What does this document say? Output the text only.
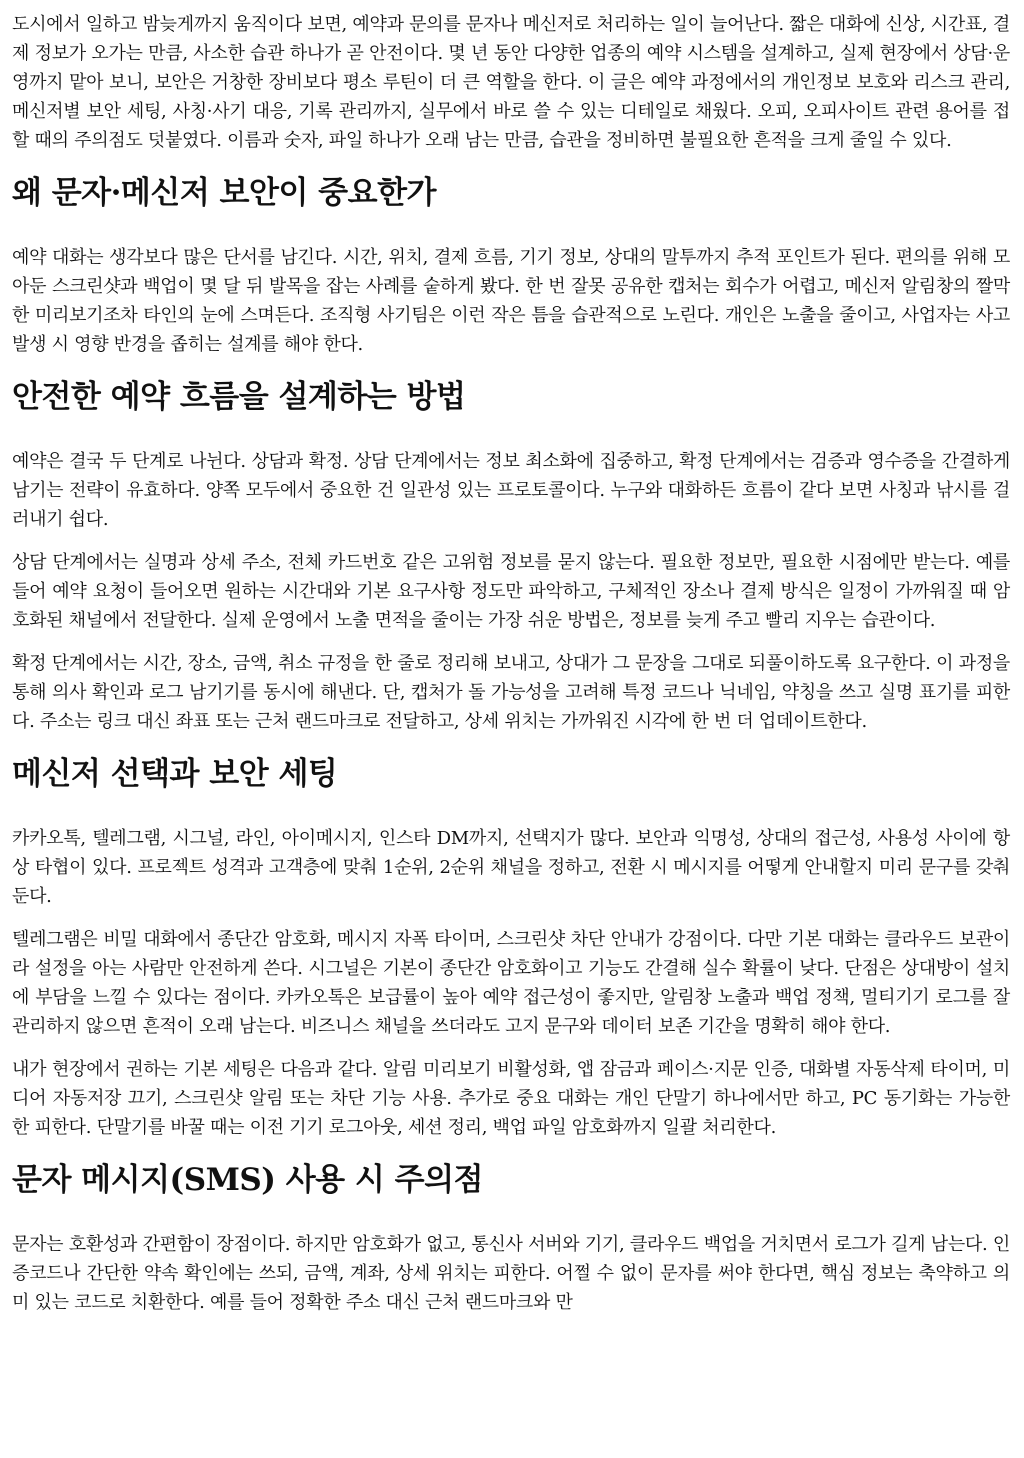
도시에서 일하고 밤늦게까지 움직이다 보면, 예약과 문의를 문자나 메신저로 처리하는 일이 늘어난다. 짧은 대화에 신상, 시간표, 결제 정보가 오가는 만큼, 사소한 습관 하나가 곧 안전이다. 몇 년 동안 다양한 업종의 예약 시스템을 설계하고, 실제 현장에서 상담·운영까지 맡아 보니, 보안은 거창한 장비보다 평소 루틴이 더 큰 역할을 한다. 이 글은 예약 과정에서의 개인정보 보호와 리스크 관리, 메신저별 보안 세팅, 사칭·사기 대응, 기록 관리까지, 실무에서 바로 쓸 수 있는 디테일로 채웠다. 오피, 오피사이트 관련 용어를 접할 때의 주의점도 덧붙였다. 이름과 숫자, 파일 하나가 오래 남는 만큼, 습관을 정비하면 불필요한 흔적을 크게 줄일 수 있다.

왜 문자·메신저 보안이 중요한가

예약 대화는 생각보다 많은 단서를 남긴다. 시간, 위치, 결제 흐름, 기기 정보, 상대의 말투까지 추적 포인트가 된다. 편의를 위해 모아둔 스크린샷과 백업이 몇 달 뒤 발목을 잡는 사례를 숱하게 봤다. 한 번 잘못 공유한 캡처는 회수가 어렵고, 메신저 알림창의 짤막한 미리보기조차 타인의 눈에 스며든다. 조직형 사기팀은 이런 작은 틈을 습관적으로 노린다. 개인은 노출을 줄이고, 사업자는 사고 발생 시 영향 반경을 좁히는 설계를 해야 한다.

안전한 예약 흐름을 설계하는 방법

예약은 결국 두 단계로 나뉜다. 상담과 확정. 상담 단계에서는 정보 최소화에 집중하고, 확정 단계에서는 검증과 영수증을 간결하게 남기는 전략이 유효하다. 양쪽 모두에서 중요한 건 일관성 있는 프로토콜이다. 누구와 대화하든 흐름이 같다 보면 사칭과 낚시를 걸러내기 쉽다.

상담 단계에서는 실명과 상세 주소, 전체 카드번호 같은 고위험 정보를 묻지 않는다. 필요한 정보만, 필요한 시점에만 받는다. 예를 들어 예약 요청이 들어오면 원하는 시간대와 기본 요구사항 정도만 파악하고, 구체적인 장소나 결제 방식은 일정이 가까워질 때 암호화된 채널에서 전달한다. 실제 운영에서 노출 면적을 줄이는 가장 쉬운 방법은, 정보를 늦게 주고 빨리 지우는 습관이다.

확정 단계에서는 시간, 장소, 금액, 취소 규정을 한 줄로 정리해 보내고, 상대가 그 문장을 그대로 되풀이하도록 요구한다. 이 과정을 통해 의사 확인과 로그 남기기를 동시에 해낸다. 단, 캡처가 돌 가능성을 고려해 특정 코드나 닉네임, 약칭을 쓰고 실명 표기를 피한다. 주소는 링크 대신 좌표 또는 근처 랜드마크로 전달하고, 상세 위치는 가까워진 시각에 한 번 더 업데이트한다.

메신저 선택과 보안 세팅

카카오톡, 텔레그램, 시그널, 라인, 아이메시지, 인스타 DM까지, 선택지가 많다. 보안과 익명성, 상대의 접근성, 사용성 사이에 항상 타협이 있다. 프로젝트 성격과 고객층에 맞춰 1순위, 2순위 채널을 정하고, 전환 시 메시지를 어떻게 안내할지 미리 문구를 갖춰 둔다.

텔레그램은 비밀 대화에서 종단간 암호화, 메시지 자폭 타이머, 스크린샷 차단 안내가 강점이다. 다만 기본 대화는 클라우드 보관이라 설정을 아는 사람만 안전하게 쓴다. 시그널은 기본이 종단간 암호화이고 기능도 간결해 실수 확률이 낮다. 단점은 상대방이 설치에 부담을 느낄 수 있다는 점이다. 카카오톡은 보급률이 높아 예약 접근성이 좋지만, 알림창 노출과 백업 정책, 멀티기기 로그를 잘 관리하지 않으면 흔적이 오래 남는다. 비즈니스 채널을 쓰더라도 고지 문구와 데이터 보존 기간을 명확히 해야 한다.

내가 현장에서 권하는 기본 세팅은 다음과 같다. 알림 미리보기 비활성화, 앱 잠금과 페이스·지문 인증, 대화별 자동삭제 타이머, 미디어 자동저장 끄기, 스크린샷 알림 또는 차단 기능 사용. 추가로 중요 대화는 개인 단말기 하나에서만 하고, PC 동기화는 가능한 한 피한다. 단말기를 바꿀 때는 이전 기기 로그아웃, 세션 정리, 백업 파일 암호화까지 일괄 처리한다.

문자 메시지(SMS) 사용 시 주의점

문자는 호환성과 간편함이 장점이다. 하지만 암호화가 없고, 통신사 서버와 기기, 클라우드 백업을 거치면서 로그가 길게 남는다. 인증코드나 간단한 약속 확인에는 쓰되, 금액, 계좌, 상세 위치는 피한다. 어쩔 수 없이 문자를 써야 한다면, 핵심 정보는 축약하고 의미 있는 코드로 치환한다. 예를 들어 정확한 주소 대신 근처 랜드마크와 만
